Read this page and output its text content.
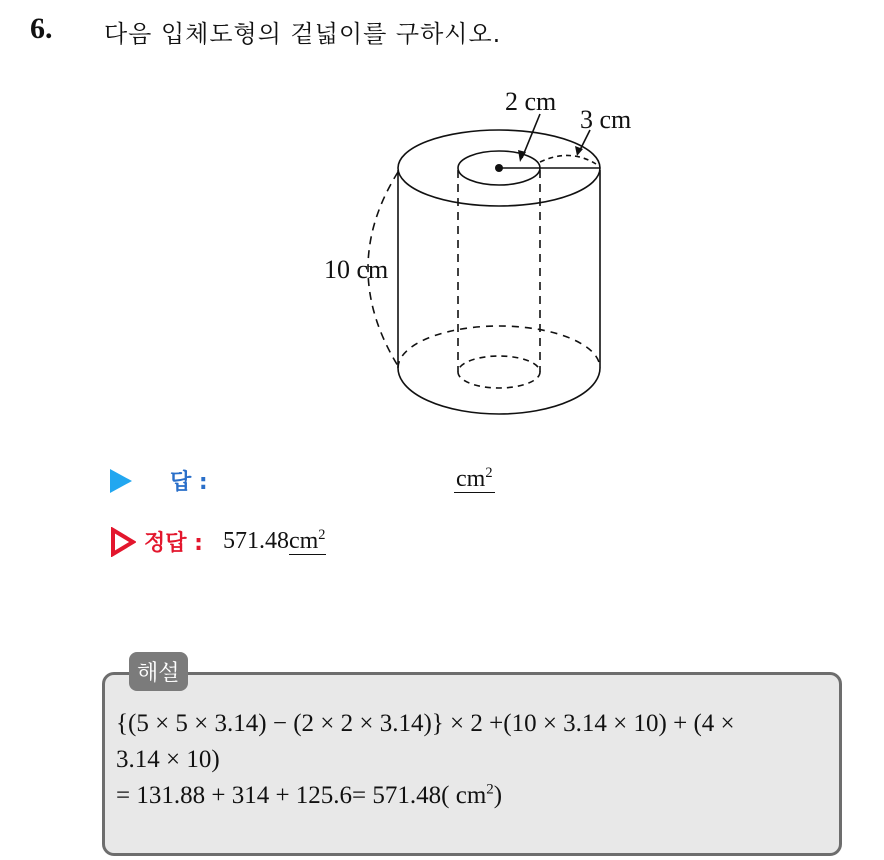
6. 다음 입체도형의 겉넓이를 구하시오.
2 cm
3 cm
10 cm
답 :	$cm^2$
정답 : $571.48cm^2$
해설
{(5 × 5 × 3.14) − (2 × 2 × 3.14)} × 2 +(10 × 3.14 × 10) + (4 ×
3.14 × 10)
= 131.88 + 314 + 125.6= 571.48( $cm^2$)
